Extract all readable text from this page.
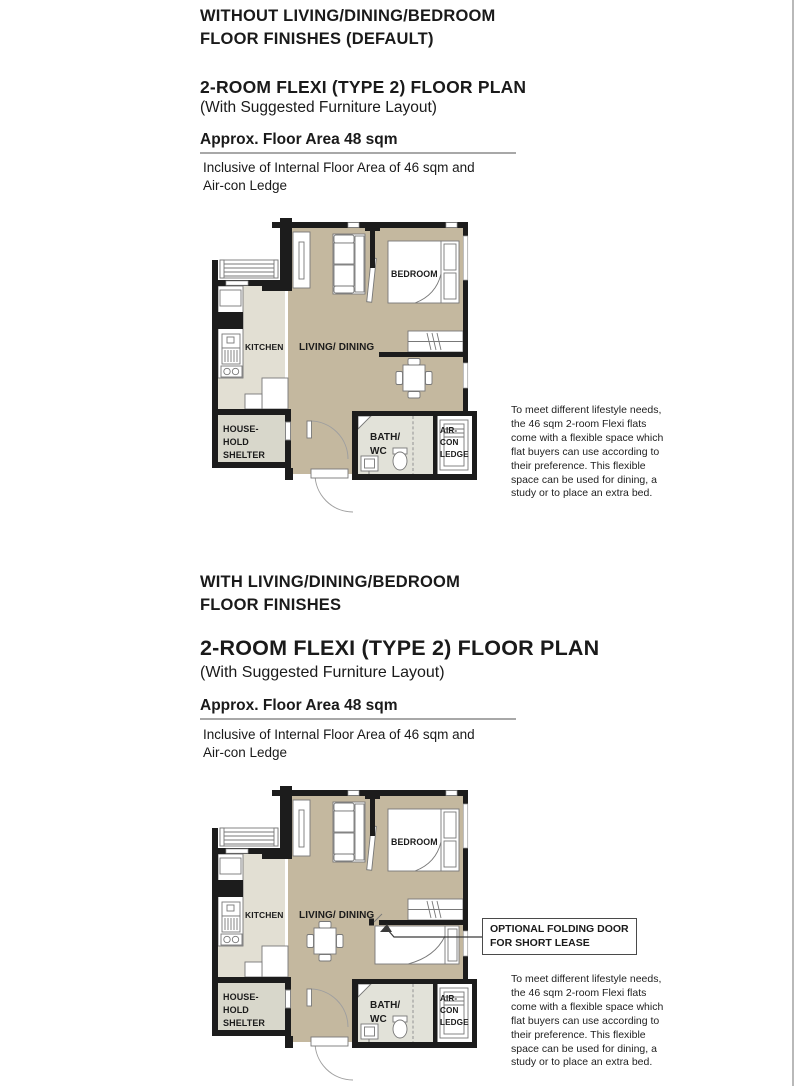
WITHOUT LIVING/DINING/BEDROOM
FLOOR FINISHES (DEFAULT)
2-ROOM FLEXI (TYPE 2) FLOOR PLAN
(With Suggested Furniture Layout)
Approx. Floor Area 48 sqm
Inclusive of Internal Floor Area of 46 sqm and
Air-con Ledge
KITCHEN LIVING/ DINING
BEDROOM
HOUSE-
HOLD
SHELTER
BATH/
WC
AIR-
CON
LEDGE
To meet different lifestyle needs,
the 46 sqm 2-room Flexi flats
come with a flexible space which
flat buyers can use according to
their preference. This flexible
space can be used for dining, a
study or to place an extra bed.
WITH LIVING/DINING/BEDROOM
FLOOR FINISHES
2-ROOM FLEXI (TYPE 2) FLOOR PLAN
(With Suggested Furniture Layout)
Approx. Floor Area 48 sqm
Inclusive of Internal Floor Area of 46 sqm and
Air-con Ledge
KITCHEN LIVING/ DINING
BEDROOM
HOUSE-
HOLD
SHELTER
BATH/
WC
AIR-
CON
LEDGE
OPTIONAL FOLDING DOOR
FOR SHORT LEASE
To meet different lifestyle needs,
the 46 sqm 2-room Flexi flats
come with a flexible space which
flat buyers can use according to
their preference. This flexible
space can be used for dining, a
study or to place an extra bed.
